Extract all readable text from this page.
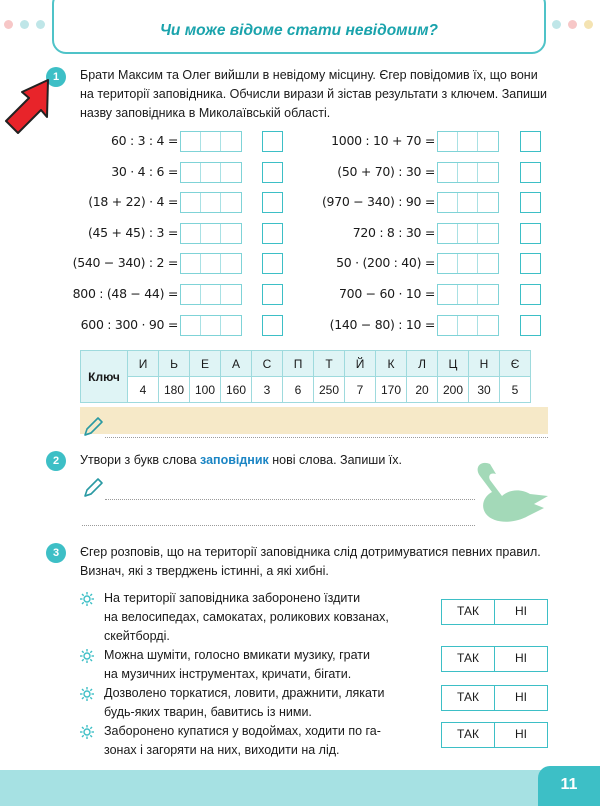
Чи може відоме стати невідомим?
1	Брати Максим та Олег вийшли в невідому місцину. Єгер повідомив їх, що вони
на території заповідника. Обчисли вирази й зістав результати з ключем. Запиши
назву заповідника в Миколаївській області.
60 : 3 : 4 =	1000 : 10 + 70 =
30 · 4 : 6 =	(50 + 70) : 30 =
(18 + 22) · 4 =	(970 − 340) : 90 =
(45 + 45) : 3 =	720 : 8 : 30 =
(540 − 340) : 2 =	50 · (200 : 40) =
800 : (48 − 44) =	700 − 60 · 10 =
600 : 300 · 90 =	(140 − 80) : 10 =
Ключ	И	Ь	Е	А	С	П	Т	Й	К	Л	Ц	Н	Є
	4	180	100	160	3	6	250	7	170	20	200	30	5
2	Утвори з букв слова заповідник нові слова. Запиши їх.
3	Єгер розповів, що на території заповідника слід дотримуватися певних правил.
Визнач, які з тверджень істинні, а які хибні.
На території заповідника заборонено їздити
на велосипедах, самокатах, роликових ковзанах,
скейтборді.
ТАК	НІ
Можна шуміти, голосно вмикати музику, грати
на музичних інструментах, кричати, бігати.
ТАК	НІ
Дозволено торкатися, ловити, дражнити, лякати
будь-яких тварин, бавитись із ними.
ТАК	НІ
Заборонено купатися у водоймах, ходити по га-
зонах і загоряти на них, виходити на лід.
ТАК	НІ
11
